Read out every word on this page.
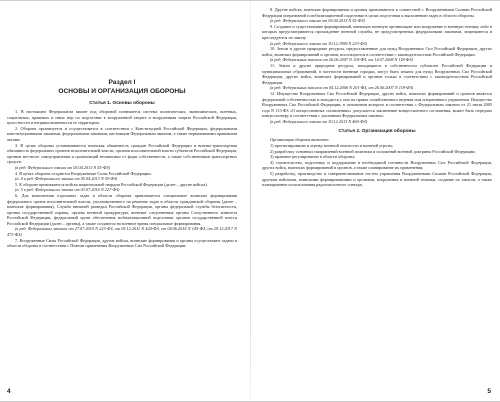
Раздел I
ОСНОВЫ И ОРГАНИЗАЦИЯ ОБОРОНЫ
Статья 1. Основы обороны

1. В настоящем Федеральном законе под обороной понимается система политических, экономических, военных, социальных, правовых и иных мер по подготовке к вооруженной защите и вооруженная защита Российской Федерации, целостности и неприкосновенности ее территории.

2. Оборона организуется и осуществляется в соответствии с Конституцией Российской Федерации, федеральными конституционными законами, федеральными законами, настоящим Федеральным законом, а также нормативными правовыми актами.

3. В целях обороны устанавливается воинская обязанность граждан Российской Федерации и военно-транспортная обязанность федеральных органов исполнительной власти, органов исполнительной власти субъектов Российской Федерации, органов местного самоуправления и организаций независимо от форм собственности, а также собственников транспортных средств.

(в ред. Федерального закона от 05.04.2013 N 55-ФЗ)

4. В целях обороны создаются Вооруженные Силы Российской Федерации.

(п. 4 в ред. Федерального закона от 05.04.2013 N 55-ФЗ)

5. К обороне привлекаются войска национальной гвардии Российской Федерации (далее – другие войска).

(п. 5 в ред. Федерального закона от 03.07.2016 N 227-ФЗ)

6. Для выполнения отдельных задач в области обороны привлекаются специальные воинские формирования федерального органа исполнительной власти, уполномоченного на решение задач в области гражданской обороны (далее – воинские формирования), Служба внешней разведки Российской Федерации, органы федеральной службы безопасности, органы государственной охраны, органы военной прокуратуры, военные следственные органы Следственного комитета Российской Федерации, федеральный орган обеспечения мобилизационной подготовки органов государственной власти Российской Федерации (далее – органы), а также создаются на военное время специальные формирования.

(в ред. Федеральных законов от 27.07.2010 N 223-ФЗ, от 05.12.2011 N 424-ФЗ, от 04.06.2014 N 145-ФЗ, от 29.12.2017 N 473-ФЗ)

7. Вооруженные Силы Российской Федерации, другие войска, воинские формирования и органы осуществляют задачи в области обороны в соответствии с Планом применения Вооруженных Сил Российской Федерации.

8. Другие войска, воинские формирования и органы привлекаются к совместной с Вооруженными Силами Российской Федерации оперативной и мобилизационной подготовке в целях подготовки к выполнению задач в области обороны.

(в ред. Федерального закона от 05.04.2013 N 55-ФЗ)

9. Создание и существование формирований, имеющих военную организацию или вооружение и военную технику либо в которых предусматривается прохождение военной службы, не предусмотренных федеральными законами, запрещаются и преследуются по закону.

(в ред. Федерального закона от 30.12.1999 N 223-ФЗ)

10. Земли и другие природные ресурсы, предоставленные для нужд Вооруженных Сил Российской Федерации, других войск, воинских формирований и органов, используются в соответствии с законодательством Российской Федерации.

(в ред. Федеральных законов от 26.06.2007 N 118-ФЗ, от 14.07.2008 N 118-ФЗ)

11. Земли и другие природные ресурсы, находящиеся в собственности субъектов Российской Федерации и муниципальных образований, в частности военные городки, могут быть изъяты для нужд Вооруженных Сил Российской Федерации, других войск, воинских формирований и органов только в соответствии с законодательством Российской Федерации.

(в ред. Федеральных законов от 04.12.2006 N 201-ФЗ, от 26.06.2007 N 118-ФЗ)

12. Имущество Вооруженных Сил Российской Федерации, других войск, воинских формирований и органов является федеральной собственностью и находится у них на правах хозяйственного ведения или оперативного управления. Имущество Вооруженных Сил Российской Федерации, в отношении которого в соответствии с Федеральным законом от 21 июля 2005 года N 115-ФЗ «О концессионных соглашениях» допускается заключение концессионного соглашения, может быть передано концессионеру в соответствии с указанным Федеральным законом.

(в ред. Федерального закона от 30.12.2015 N 460-ФЗ)

Статья 2. Организация обороны

Организация обороны включает:

1) прогнозирование и оценку военной опасности и военной угрозы;

2) разработку основных направлений военной политики и положений военной доктрины Российской Федерации;

3) правовое регулирование в области обороны;

4) строительство, подготовку и поддержание в необходимой готовности Вооруженных Сил Российской Федерации, других войск, воинских формирований и органов, а также планирование их применения;

5) разработку, производство и совершенствование систем управления Вооруженными Силами Российской Федерации, другими войсками, воинскими формированиями и органами, вооружения и военной техники, создание их запасов, а также планирование использования радиочастотного спектра;

4	5
